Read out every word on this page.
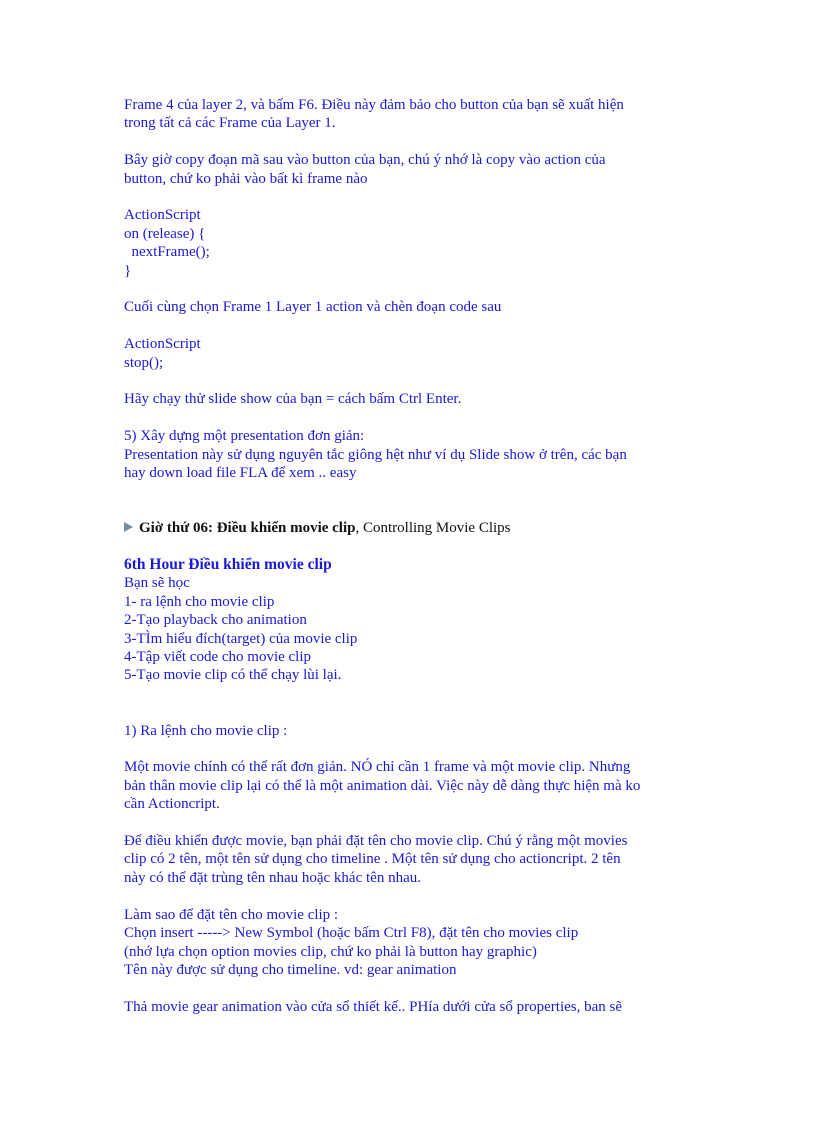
Frame 4 của layer 2, và bấm F6. Điều này đảm bảo cho button của bạn sẽ xuất hiện

trong tất cả các Frame của Layer 1.

Bây giờ copy đoạn mã sau vào button của bạn, chú ý nhớ là copy vào action của

button, chứ ko phải vào bất kì frame nào

ActionScript

on (release) {

nextFrame();

}

Cuối cùng chọn Frame 1 Layer 1 action và chèn đoạn code sau

ActionScript

stop();

Hãy chạy thử slide show của bạn = cách bấm Ctrl Enter.

5) Xây dựng một presentation đơn giản:

Presentation này sử dụng nguyên tắc giông hệt như ví dụ Slide show ở trên, các bạn

hay down load file FLA để xem .. easy

Giờ thứ 06: Điều khiển movie clip, Controlling Movie Clips

6th Hour Điều khiển movie clip

Bạn sẽ học

1- ra lệnh cho movie clip

2-Tạo playback cho animation

3-TÌm hiểu đích(target) của movie clip

4-Tập viết code cho movie clip

5-Tạo movie clip có thể chạy lùi lại.

1) Ra lệnh cho movie clip :

Một movie chính có thể rất đơn giản. NÓ chỉ cần 1 frame và một movie clip. Nhưng

bản thân movie clip lại có thể là một animation dài. Việc này dễ dàng thực hiện mà ko

cần Actioncript.

Để điều khiển được movie, bạn phải đặt tên cho movie clip. Chú ý rằng một movies

clip có 2 tên, một tên sử dụng cho timeline . Một tên sử dụng cho actioncript. 2 tên

này có thể đặt trùng tên nhau hoặc khác tên nhau.

Làm sao để đặt tên cho movie clip :

Chọn insert -----> New Symbol (hoặc bấm Ctrl F8), đặt tên cho movies clip

(nhớ lựa chọn option movies clip, chứ ko phải là button hay graphic)

Tên này được sử dụng cho timeline. vd: gear animation

Thả movie gear animation vào cửa sổ thiết kế.. PHía dưới cửa sổ properties, ban sẽ
